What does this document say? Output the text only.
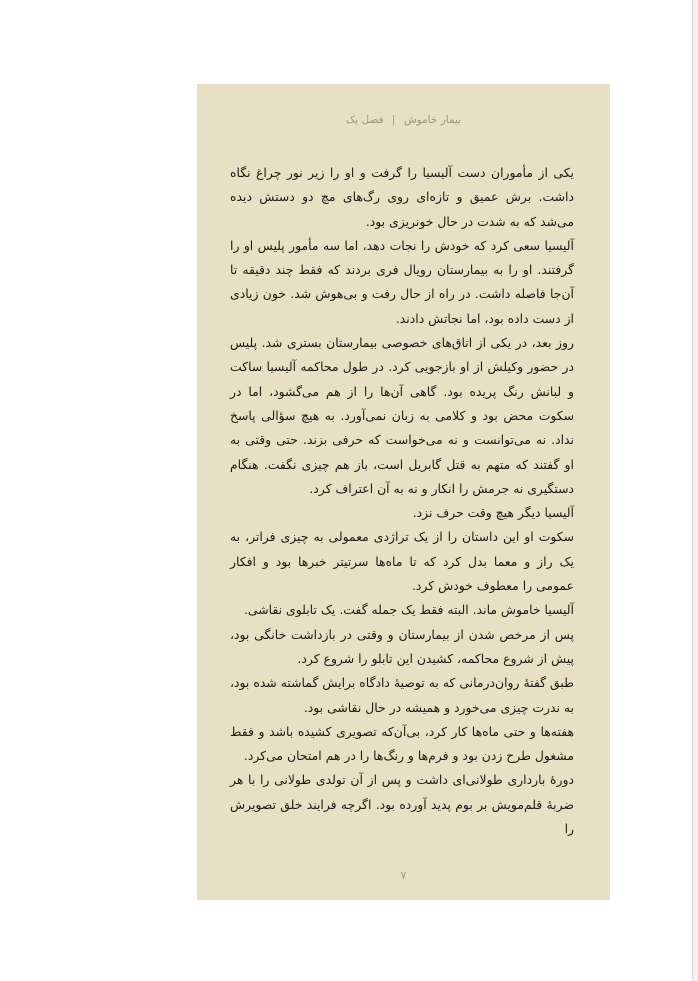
بیمار خاموش | فصل یک

یکی از مأموران دست آلیسیا را گرفت و او را زیر نور چراغ نگاه داشت. برش عمیق و تازه‌ای روی رگ‌های مچ دو دستش دیده می‌شد که به شدت در حال خونریزی بود.

آلیسیا سعی کرد که خودش را نجات دهد، اما سه مأمور پلیس او را گرفتند. او را به بیمارستان رویال فری بردند که فقط چند دقیقه تا آن‌جا فاصله داشت. در راه از حال رفت و بی‌هوش شد. خون زیادی از دست داده بود، اما نجاتش دادند.

روز بعد، در یکی از اتاق‌های خصوصی بیمارستان بستری شد. پلیس در حضور وکیلش از او بازجویی کرد. در طول محاکمه آلیسیا ساکت و لبانش رنگ پریده بود. گاهی آن‌ها را از هم می‌گشود، اما در سکوت محض بود و کلامی به زبان نمی‌آورد. به هیچ سؤالی پاسخ نداد. نه می‌توانست و نه می‌خواست که حرفی بزند. حتی وقتی به او گفتند که متهم به قتل گابریل است، باز هم چیزی نگفت. هنگام دستگیری نه جرمش را انکار و نه به آن اعتراف کرد.

آلیسیا دیگر هیچ وقت حرف نزد.

سکوت او این داستان را از یک تراژدی معمولی به چیزی فراتر، به یک راز و معما بدل کرد که تا ماه‌ها سرتیتر خبرها بود و افکار عمومی را معطوف خودش کرد.

آلیسیا خاموش ماند. البته فقط یک جمله گفت. یک تابلوی نقاشی.

پس از مرخص شدن از بیمارستان و وقتی در بازداشت خانگی بود، پیش از شروع محاکمه، کشیدن این تابلو را شروع کرد.

طبق گفتهٔ روان‌درمانی که به توصیهٔ دادگاه برایش گماشته شده بود، به ندرت چیزی می‌خورد و همیشه در حال نقاشی بود.

هفته‌ها و حتی ماه‌ها کار کرد، بی‌آن‌که تصویری کشیده باشد و فقط مشغول طرح زدن بود و فرم‌ها و رنگ‌ها را در هم امتحان می‌کرد.

دورهٔ بارداری طولانی‌ای داشت و پس از آن تولدی طولانی را با هر ضربهٔ قلم‌مویش بر بوم پدید آورده بود. اگرچه فرایند خلق تصویرش را

۷
